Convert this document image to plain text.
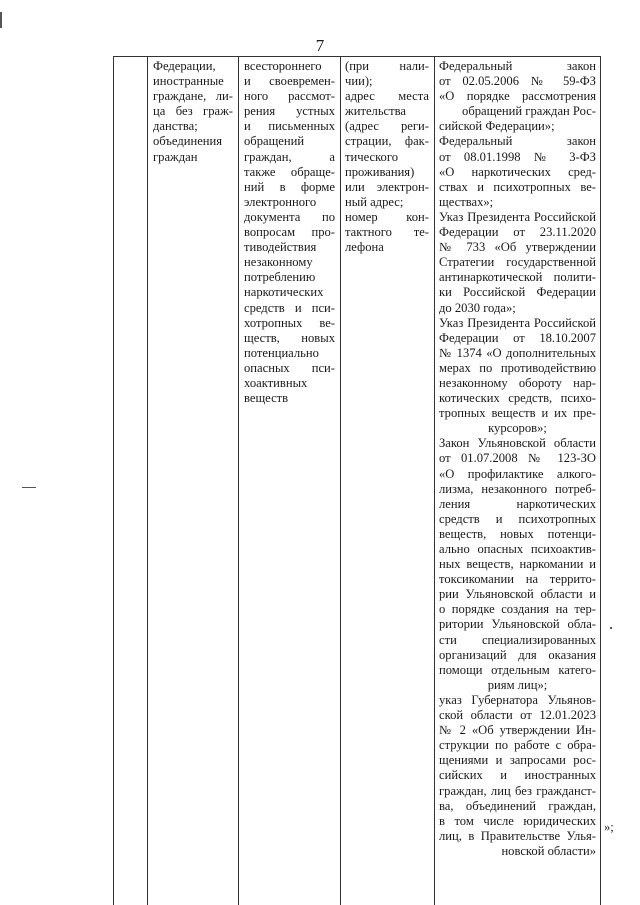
7
Федерации,
иностранные
граждане, ли-
ца без граж-
данства;
объединения
граждан
всестороннего
и своевремен-
ного рассмот-
рения устных
и письменных
обращений
граждан, а
также обраще-
ний в форме
электронного
документа по
вопросам про-
тиводействия
незаконному
потреблению
наркотических
средств и пси-
хотропных ве-
ществ, новых
потенциально
опасных пси-
хоактивных
веществ
(при нали-
чии);
адрес места
жительства
(адрес реги-
страции, фак-
тического
проживания)
или электрон-
ный адрес;
номер кон-
тактного те-
лефона
Федеральный закон
от 02.05.2006 № 59-ФЗ
«О порядке рассмотрения
обращений граждан Рос-
сийской Федерации»;
Федеральный закон
от 08.01.1998 № 3-ФЗ
«О наркотических сред-
ствах и психотропных ве-
ществах»;
Указ Президента Российской
Федерации от 23.11.2020
№ 733 «Об утверждении
Стратегии государственной
антинаркотической полити-
ки Российской Федерации
до 2030 года»;
Указ Президента Российской
Федерации от 18.10.2007
№ 1374 «О дополнительных
мерах по противодействию
незаконному обороту нар-
котических средств, психо-
тропных веществ и их пре-
курсоров»;
Закон Ульяновской области
от 01.07.2008 № 123-ЗО
«О профилактике алкого-
лизма, незаконного потреб-
ления наркотических
средств и психотропных
веществ, новых потенци-
ально опасных психоактив-
ных веществ, наркомании и
токсикомании на террито-
рии Ульяновской области и
о порядке создания на тер-
ритории Ульяновской обла-
сти специализированных
организаций для оказания
помощи отдельным катего-
риям лиц»;
указ Губернатора Ульянов-
ской области от 12.01.2023
№ 2 «Об утверждении Ин-
струкции по работе с обра-
щениями и запросами рос-
сийских и иностранных
граждан, лиц без гражданст-
ва, объединений граждан,
в том числе юридических
лиц, в Правительстве Улья-
новской области»
»;
